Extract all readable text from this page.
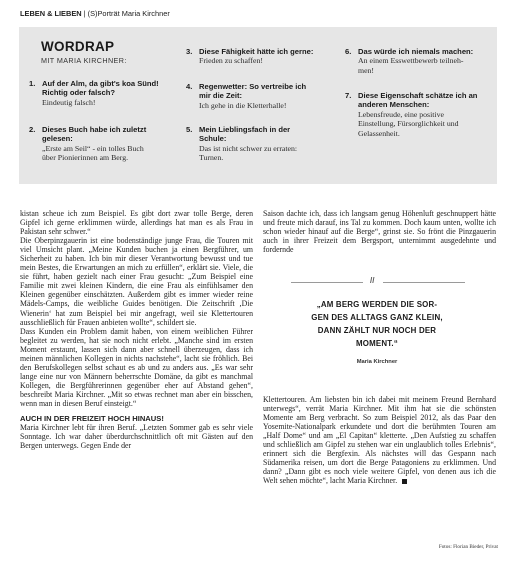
LEBEN & LIEBEN | (S)Porträt Maria Kirchner
WORDRAP
MIT MARIA KIRCHNER:
1. Auf der Alm, da gibt's koa Sünd!
Richtig oder falsch?
Eindeutig falsch!
2. Dieses Buch habe ich zuletzt
gelesen:
„Erste am Seil“ - ein tolles Buch
über Pionierinnen am Berg.
3. Diese Fähigkeit hätte ich gerne:
Frieden zu schaffen!
4. Regenwetter: So vertreibe ich
mir die Zeit:
Ich gehe in die Kletterhalle!
5. Mein Lieblingsfach in der
Schule:
Das ist nicht schwer zu erraten:
Turnen.
6. Das würde ich niemals machen:
An einem Esswettbewerb teilneh-
men!
7. Diese Eigenschaft schätze ich an
anderen Menschen:
Lebensfreude, eine positive
Einstellung, Fürsorglichkeit und
Gelassenheit.

kistan scheue ich zum Beispiel. Es gibt dort zwar tolle Berge, deren Gipfel ich gerne erklimmen würde, allerdings hat man es als Frau in Pakistan sehr schwer.“

Die Oberpinzgauerin ist eine bodenständige junge Frau, die Touren mit viel Umsicht plant. „Meine Kunden buchen ja einen Bergführer, um Sicherheit zu haben. Ich bin mir dieser Verantwortung bewusst und tue mein Bestes, die Erwartungen an mich zu erfüllen“, erklärt sie. Viele, die sie führt, haben gezielt nach einer Frau gesucht: „Zum Beispiel eine Familie mit zwei kleinen Kindern, die eine Frau als einfühlsamer den Kleinen gegenüber einschätzten. Außerdem gibt es immer wieder reine Mädels-Camps, die weibliche Guides benötigen. Die Zeitschrift ‚Die Wienerin‘ hat zum Beispiel bei mir angefragt, weil sie Klettertouren ausschließlich für Frauen anbieten wollte“, schildert sie.

Dass Kunden ein Problem damit haben, von einem weiblichen Führer begleitet zu werden, hat sie noch nicht erlebt. „Manche sind im ersten Moment erstaunt, lassen sich dann aber schnell überzeugen, dass ich meinen männlichen Kollegen in nichts nachstehe“, lacht sie fröhlich. Bei den Berufskollegen selbst schaut es ab und zu anders aus. „Es war sehr lange eine nur von Männern beherrschte Domäne, da gibt es manchmal Kollegen, die Bergführerinnen gegenüber eher auf Abstand gehen“, beschreibt Maria Kirchner. „Mit so etwas rechnet man aber ein bisschen, wenn man in diesen Beruf einsteigt.“

AUCH IN DER FREIZEIT HOCH HINAUS!

Maria Kirchner lebt für ihren Beruf. „Letzten Sommer gab es sehr viele Sonntage. Ich war daher überdurchschnittlich oft mit Gästen auf den Bergen unterwegs. Gegen Ende der

Saison dachte ich, dass ich langsam genug Höhenluft geschnuppert hätte und freute mich darauf, ins Tal zu kommen. Doch kaum unten, wollte ich schon wieder hinauf auf die Berge“, grinst sie. So frönt die Pinzgauerin auch in ihrer Freizeit dem Bergsport, unternimmt ausgedehnte und fordernde

//
„AM BERG WERDEN DIE SOR-
GEN DES ALLTAGS GANZ KLEIN,
DANN ZÄHLT NUR NOCH DER
MOMENT.“
Maria Kirchner

Klettertouren. Am liebsten bin ich dabei mit meinem Freund Bernhard unterwegs“, verrät Maria Kirchner. Mit ihm hat sie die schönsten Momente am Berg verbracht. So zum Beispiel 2012, als das Paar den Yosemite-Nationalpark erkundete und dort die berühmten Touren am „Half Dome“ und am „El Capitan“ kletterte. „Den Aufstieg zu schaffen und schließlich am Gipfel zu stehen war ein unglaublich tolles Erlebnis“, erinnert sich die Bergfexin. Als nächstes will das Gespann nach Südamerika reisen, um dort die Berge Patagoniens zu erklimmen. Und dann? „Dann gibt es noch viele weitere Gipfel, von denen aus ich die Welt sehen möchte“, lacht Maria Kirchner.

Fotos: Florian Bieder, Privat
